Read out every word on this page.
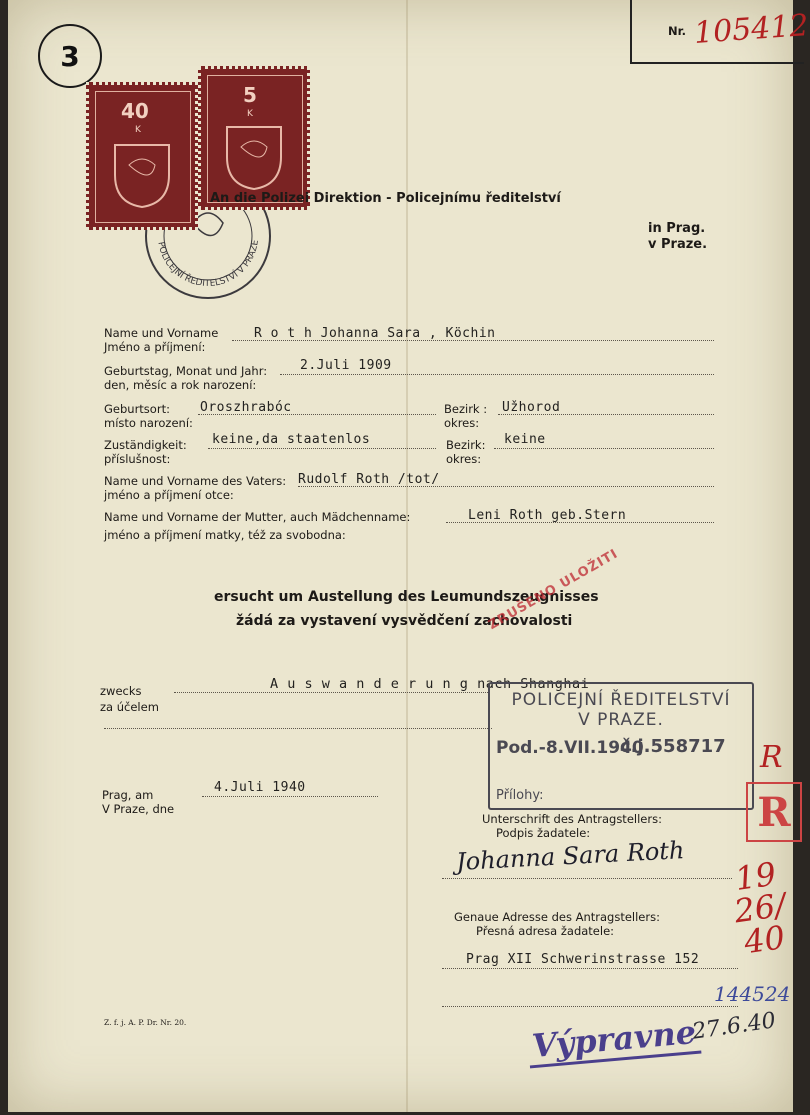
3
Nr. 105412
POLICEJNÍ ŘEDITELSTVÍ V PRAZE
40
K
5
K
An die Polizei Direktion - Policejnímu ředitelství
in Prag.
v Praze.
Name und Vorname
Jméno a příjmení:
R o t h Johanna Sara , Köchin
Geburtstag, Monat und Jahr:
den, měsíc a rok narození:
2.Juli 1909
Geburtsort:
místo narození:
Oroszhrabóc	Bezirk :
okres:
Užhorod
Zuständigkeit:
příslušnost:
keine,da staatenlos	Bezirk:
okres:
keine
Name und Vorname des Vaters:
jméno a příjmení otce:
Rudolf Roth /tot/
Name und Vorname der Mutter, auch Mädchenname:
jméno a příjmení matky, též za svobodna:
Leni Roth geb.Stern
ersucht um Austellung des Leumundszeugnisses
žádá za vystavení vysvědčení zachovalosti
zwecks
za účelem
A u s w a n d e r u n g nach Shanghai
ZRUŠENO ULOŽITI
POLICEJNÍ ŘEDITELSTVÍ
V PRAZE.
Pod.-8.VII.1940
č.j.558717
Přílohy:	R
R
1926/40
Prag, am
V Praze, dne
4.Juli 1940
Unterschrift des Antragstellers:
Podpis žadatele:
Johanna Sara Roth
Genaue Adresse des Antragstellers:
Přesná adresa žadatele:
Prag XII Schwerinstrasse 152
144524
Výpravne
27.6.40
Z. f. j. A. P. Dr. Nr. 20.
